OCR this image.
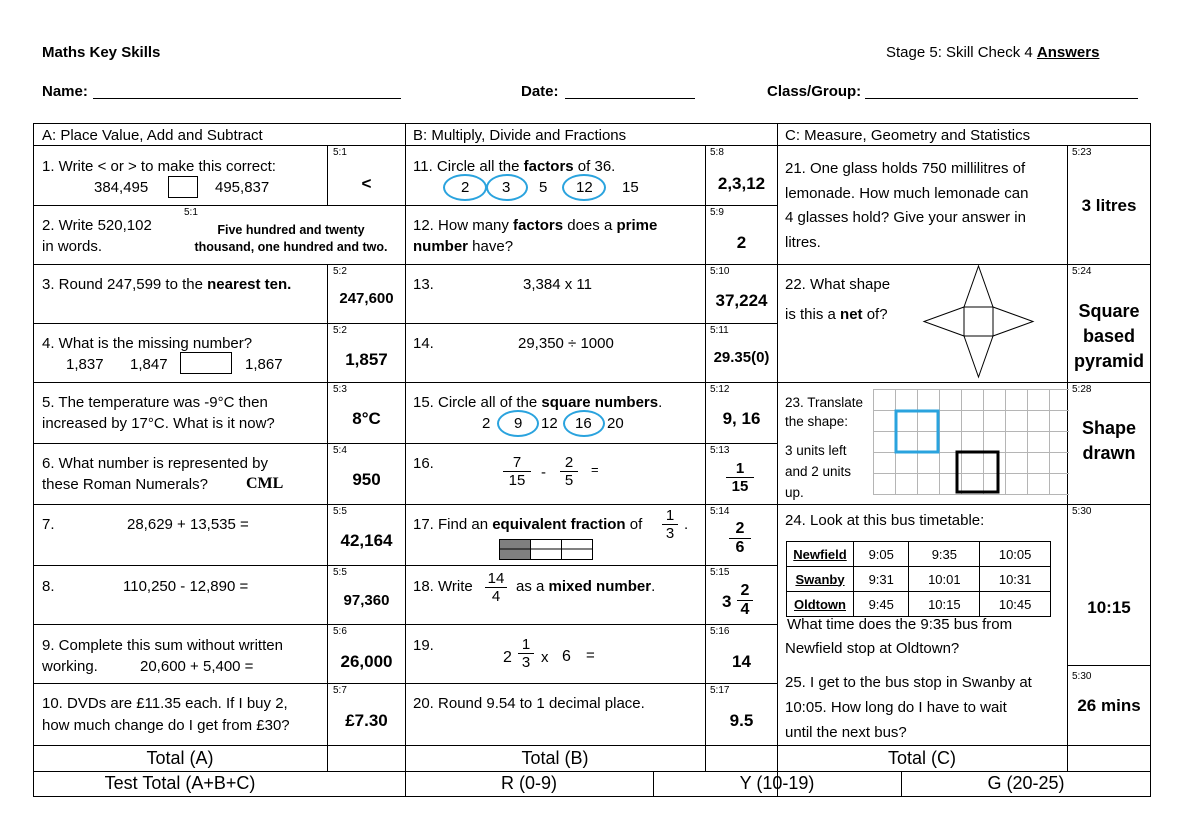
Maths Key Skills	Stage 5: Skill Check 4 Answers
Name:	Date:	Class/Group:
A: Place Value, Add and Subtract	B: Multiply, Divide and Fractions	C: Measure, Geometry and Statistics
1. Write < or > to make this correct:
384,495	495,837
5:1
<
2. Write 520,102
in words.
5:1
Five hundred and twenty
thousand, one hundred and two.
3. Round 247,599 to the nearest ten.
5:2
247,600
4. What is the missing number?
1,837 1,847	1,867
5:2
1,857
5. The temperature was -9°C then
increased by 17°C. What is it now?
5:3
8°C
6. What number is represented by
these Roman Numerals? CML
5:4
950
7.	28,629 + 13,535 =
5:5
42,164
8.	110,250 - 12,890 =
5:5
97,360
9. Complete this sum without written
working.	20,600 + 5,400 =
5:6
26,000
10. DVDs are £11.35 each. If I buy 2,
how much change do I get from £30?
5:7
£7.30
11. Circle all the factors of 36.
2 3 5 12 15
5:8
2,3,12
12. How many factors does a prime
number have?
5:9
2
13.	3,384 x 11
5:10
37,224
14.	29,350 ÷ 1000
5:11
29.35(0)
15. Circle all of the square numbers.
2 9 12 16 20
5:12
9, 16
16.	$\frac{7}{15} - \frac{2}{5}$ =
5:13
$\frac{1}{15}$
17. Find an equivalent fraction of $\frac{1}{3}$ .
5:14
$\frac{2}{6}$
18. Write $\frac{14}{4}$ as a mixed number.
5:15
$3 \frac{2}{4}$
19.
$2 \frac{1}{3}$ x 6 =
5:16
14
20. Round 9.54 to 1 decimal place.
5:17
9.5
21. One glass holds 750 millilitres of
lemonade. How much lemonade can
4 glasses hold? Give your answer in
litres.
5:23
3 litres
22. What shape
is this a net of?
5:24
Square
based
pyramid
23. Translate
the shape:
3 units left
and 2 units
up.
5:28
Shape
drawn
24. Look at this bus timetable:
Newfield	9:05	9:35	10:05
Swanby	9:31	10:01	10:31
Oldtown	9:45	10:15	10:45
What time does the 9:35 bus from
Newfield stop at Oldtown?
5:30
10:15
25. I get to the bus stop in Swanby at
10:05. How long do I have to wait
until the next bus?
5:30
26 mins
Total (A)	Total (B)	Total (C)
Test Total (A+B+C)	R (0-9)	Y (10-19)	G (20-25)
